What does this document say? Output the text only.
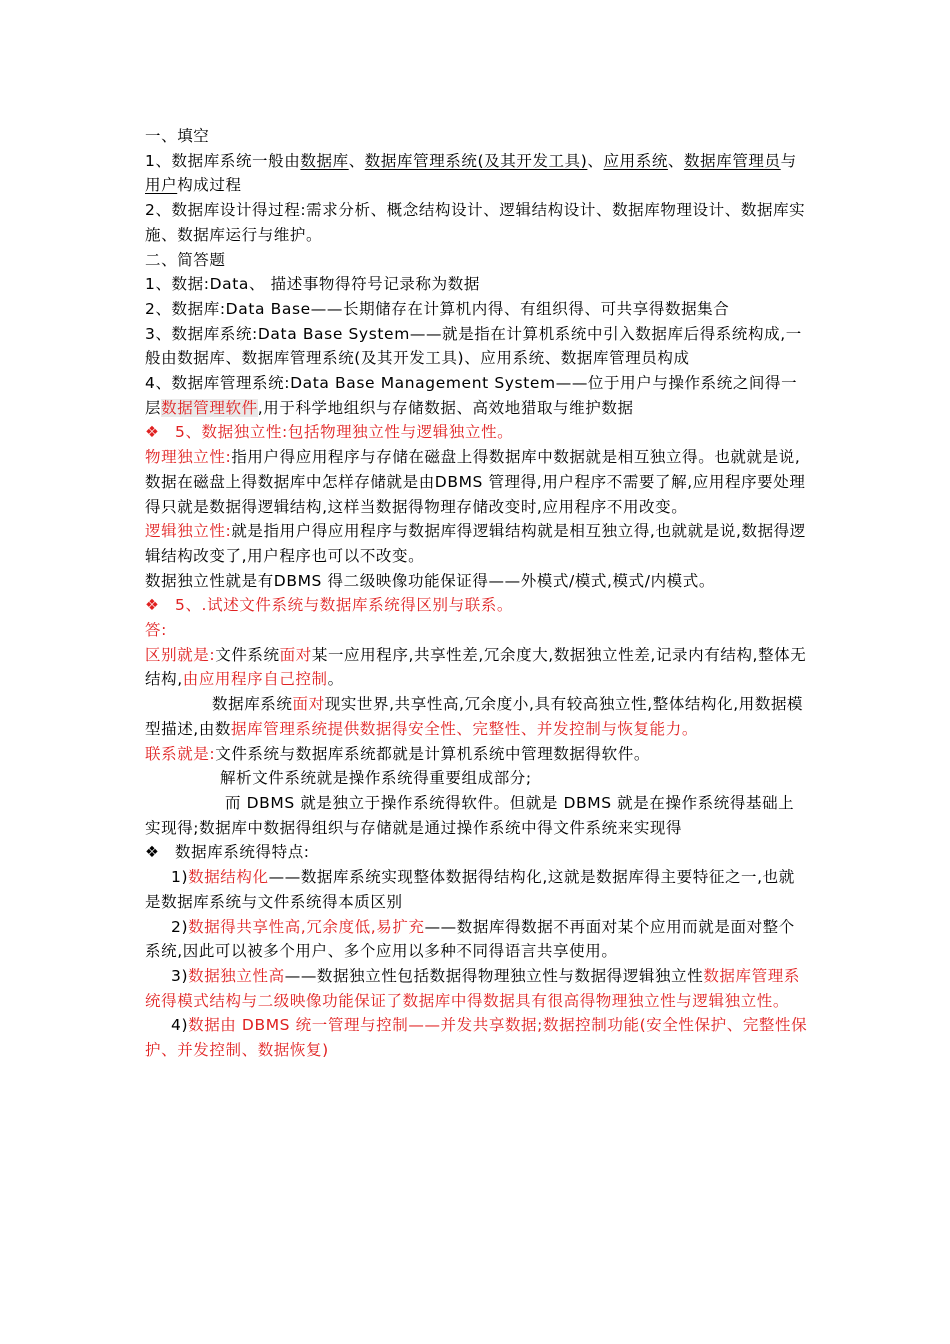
一、填空

1、数据库系统一般由数据库、数据库管理系统(及其开发工具)、应用系统、数据库管理员与用户构成过程

2、数据库设计得过程:需求分析、概念结构设计、逻辑结构设计、数据库物理设计、数据库实施、数据库运行与维护。

二、简答题

1、数据:Data、 描述事物得符号记录称为数据

2、数据库:Data Base——长期储存在计算机内得、有组织得、可共享得数据集合

3、数据库系统:Data Base System——就是指在计算机系统中引入数据库后得系统构成,一般由数据库、数据库管理系统(及其开发工具)、应用系统、数据库管理员构成

4、数据库管理系统:Data Base Management System——位于用户与操作系统之间得一层数据管理软件,用于科学地组织与存储数据、高效地猎取与维护数据

❖ 5、数据独立性:包括物理独立性与逻辑独立性。

物理独立性:指用户得应用程序与存储在磁盘上得数据库中数据就是相互独立得。也就就是说,数据在磁盘上得数据库中怎样存储就是由DBMS 管理得,用户程序不需要了解,应用程序要处理得只就是数据得逻辑结构,这样当数据得物理存储改变时,应用程序不用改变。

逻辑独立性:就是指用户得应用程序与数据库得逻辑结构就是相互独立得,也就就是说,数据得逻辑结构改变了,用户程序也可以不改变。

数据独立性就是有DBMS 得二级映像功能保证得——外模式/模式,模式/内模式。

❖ 5、.试述文件系统与数据库系统得区别与联系。

答:

区别就是:文件系统面对某一应用程序,共享性差,冗余度大,数据独立性差,记录内有结构,整体无结构,由应用程序自己控制。

数据库系统面对现实世界,共享性高,冗余度小,具有较高独立性,整体结构化,用数据模型描述,由数据库管理系统提供数据得安全性、完整性、并发控制与恢复能力。

联系就是:文件系统与数据库系统都就是计算机系统中管理数据得软件。

解析文件系统就是操作系统得重要组成部分;

而 DBMS 就是独立于操作系统得软件。但就是 DBMS 就是在操作系统得基础上实现得;数据库中数据得组织与存储就是通过操作系统中得文件系统来实现得

❖ 数据库系统得特点:

1)数据结构化——数据库系统实现整体数据得结构化,这就是数据库得主要特征之一,也就是数据库系统与文件系统得本质区别

2)数据得共享性高,冗余度低,易扩充——数据库得数据不再面对某个应用而就是面对整个系统,因此可以被多个用户、多个应用以多种不同得语言共享使用。

3)数据独立性高——数据独立性包括数据得物理独立性与数据得逻辑独立性数据库管理系统得模式结构与二级映像功能保证了数据库中得数据具有很高得物理独立性与逻辑独立性。

4)数据由 DBMS 统一管理与控制——并发共享数据;数据控制功能(安全性保护、完整性保护、并发控制、数据恢复)
